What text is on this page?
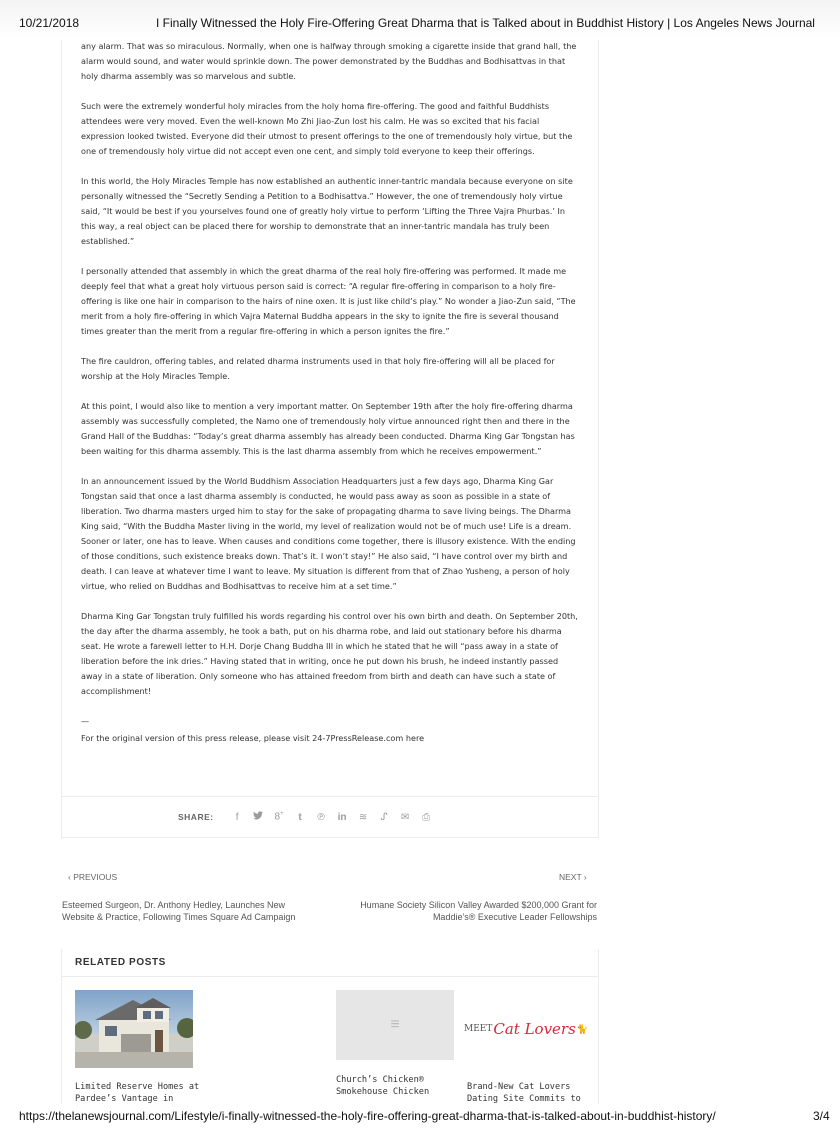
10/21/2018	I Finally Witnessed the Holy Fire-Offering Great Dharma that is Talked about in Buddhist History | Los Angeles News Journal

any alarm. That was so miraculous. Normally, when one is halfway through smoking a cigarette inside that grand hall, the alarm would sound, and water would sprinkle down. The power demonstrated by the Buddhas and Bodhisattvas in that holy dharma assembly was so marvelous and subtle.

Such were the extremely wonderful holy miracles from the holy homa fire-offering. The good and faithful Buddhists attendees were very moved. Even the well-known Mo Zhi Jiao-Zun lost his calm. He was so excited that his facial expression looked twisted. Everyone did their utmost to present offerings to the one of tremendously holy virtue, but the one of tremendously holy virtue did not accept even one cent, and simply told everyone to keep their offerings.

In this world, the Holy Miracles Temple has now established an authentic inner-tantric mandala because everyone on site personally witnessed the “Secretly Sending a Petition to a Bodhisattva.” However, the one of tremendously holy virtue said, “It would be best if you yourselves found one of greatly holy virtue to perform ‘Lifting the Three Vajra Phurbas.’ In this way, a real object can be placed there for worship to demonstrate that an inner-tantric mandala has truly been established.”

I personally attended that assembly in which the great dharma of the real holy fire-offering was performed. It made me deeply feel that what a great holy virtuous person said is correct: “A regular fire-offering in comparison to a holy fire-offering is like one hair in comparison to the hairs of nine oxen. It is just like child’s play.” No wonder a Jiao-Zun said, “The merit from a holy fire-offering in which Vajra Maternal Buddha appears in the sky to ignite the fire is several thousand times greater than the merit from a regular fire-offering in which a person ignites the fire.”

The fire cauldron, offering tables, and related dharma instruments used in that holy fire-offering will all be placed for worship at the Holy Miracles Temple.

At this point, I would also like to mention a very important matter. On September 19th after the holy fire-offering dharma assembly was successfully completed, the Namo one of tremendously holy virtue announced right then and there in the Grand Hall of the Buddhas: “Today’s great dharma assembly has already been conducted. Dharma King Gar Tongstan has been waiting for this dharma assembly. This is the last dharma assembly from which he receives empowerment.”

In an announcement issued by the World Buddhism Association Headquarters just a few days ago, Dharma King Gar Tongstan said that once a last dharma assembly is conducted, he would pass away as soon as possible in a state of liberation. Two dharma masters urged him to stay for the sake of propagating dharma to save living beings. The Dharma King said, “With the Buddha Master living in the world, my level of realization would not be of much use! Life is a dream. Sooner or later, one has to leave. When causes and conditions come together, there is illusory existence. With the ending of those conditions, such existence breaks down. That’s it. I won’t stay!” He also said, “I have control over my birth and death. I can leave at whatever time I want to leave. My situation is different from that of Zhao Yusheng, a person of holy virtue, who relied on Buddhas and Bodhisattvas to receive him at a set time.”

Dharma King Gar Tongstan truly fulfilled his words regarding his control over his own birth and death. On September 20th, the day after the dharma assembly, he took a bath, put on his dharma robe, and laid out stationary before his dharma seat. He wrote a farewell letter to H.H. Dorje Chang Buddha III in which he stated that he will “pass away in a state of liberation before the ink dries.” Having stated that in writing, once he put down his brush, he indeed instantly passed away in a state of liberation. Only someone who has attained freedom from birth and death can have such a state of accomplishment!

—

For the original version of this press release, please visit 24-7PressRelease.com here

SHARE:	f	8+	t	℗	in	≋	ᔑ	✉	⎙
‹ PREVIOUS	NEXT ›
Esteemed Surgeon, Dr. Anthony Hedley, Launches New Website & Practice, Following Times Square Ad Campaign
Humane Society Silicon Valley Awarded $200,000 Grant for Maddie’s® Executive Leader Fellowships
RELATED POSTS
≡	MEET Cat Lovers 🐈
Limited Reserve Homes at Pardee’s Vantage in
Church’s Chicken® Smokehouse Chicken	Brand-New Cat Lovers Dating Site Commits to
https://thelanewsjournal.com/Lifestyle/i-finally-witnessed-the-holy-fire-offering-great-dharma-that-is-talked-about-in-buddhist-history/	3/4
